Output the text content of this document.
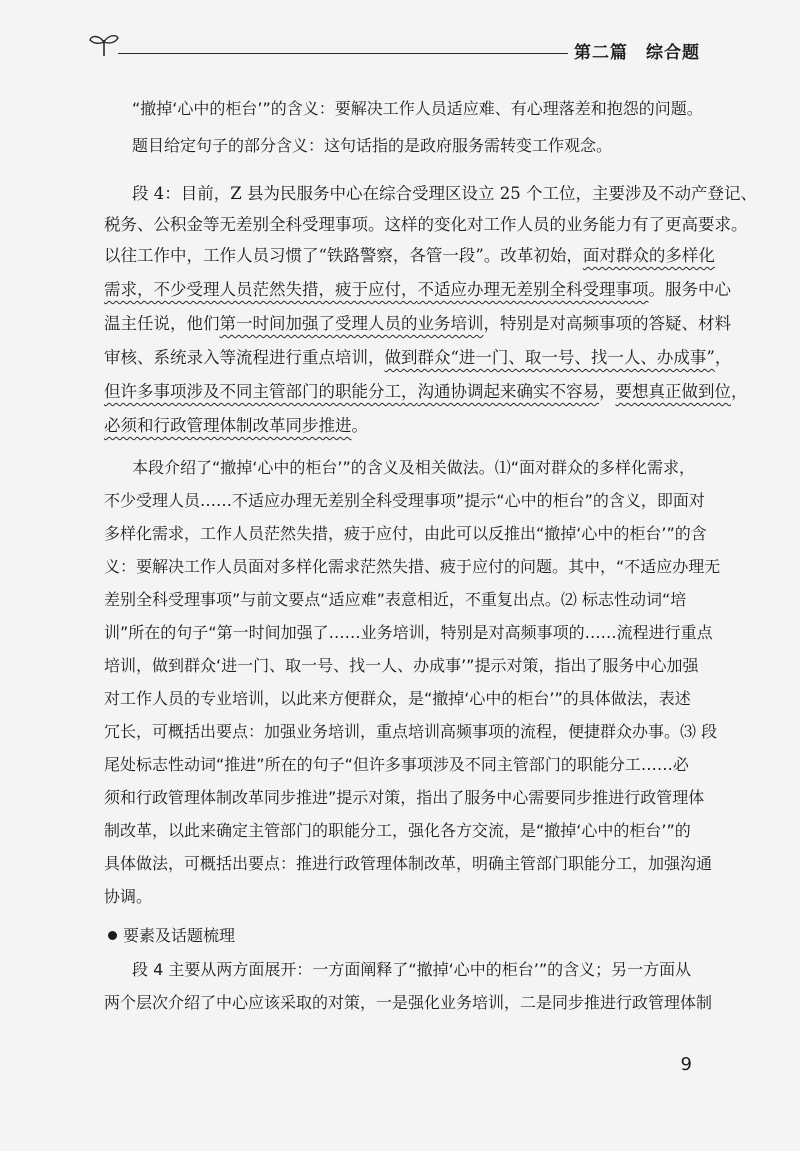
第二篇　综合题
“撤掉‘心中的柜台’”的含义：要解决工作人员适应难、有心理落差和抱怨的问题。
题目给定句子的部分含义：这句话指的是政府服务需转变工作观念。
段 4：目前，Z 县为民服务中心在综合受理区设立 25 个工位，主要涉及不动产登记、
税务、公积金等无差别全科受理事项。这样的变化对工作人员的业务能力有了更高要求。
以往工作中，工作人员习惯了“铁路警察，各管一段”。改革初始，面对群众的多样化
需求，不少受理人员茫然失措，疲于应付，不适应办理无差别全科受理事项。服务中心
温主任说，他们第一时间加强了受理人员的业务培训，特别是对高频事项的答疑、材料
审核、系统录入等流程进行重点培训，做到群众“进一门、取一号、找一人、办成事”，
但许多事项涉及不同主管部门的职能分工，沟通协调起来确实不容易，要想真正做到位，
必须和行政管理体制改革同步推进。
本段介绍了“撤掉‘心中的柜台’”的含义及相关做法。⑴“面对群众的多样化需求，
不少受理人员……不适应办理无差别全科受理事项”提示“心中的柜台”的含义，即面对
多样化需求，工作人员茫然失措，疲于应付，由此可以反推出“撤掉‘心中的柜台’”的含
义：要解决工作人员面对多样化需求茫然失措、疲于应付的问题。其中，“不适应办理无
差别全科受理事项”与前文要点“适应难”表意相近，不重复出点。⑵ 标志性动词“培
训”所在的句子“第一时间加强了……业务培训，特别是对高频事项的……流程进行重点
培训，做到群众‘进一门、取一号、找一人、办成事’”提示对策，指出了服务中心加强
对工作人员的专业培训，以此来方便群众，是“撤掉‘心中的柜台’”的具体做法，表述
冗长，可概括出要点：加强业务培训，重点培训高频事项的流程，便捷群众办事。⑶ 段
尾处标志性动词“推进”所在的句子“但许多事项涉及不同主管部门的职能分工……必
须和行政管理体制改革同步推进”提示对策，指出了服务中心需要同步推进行政管理体
制改革，以此来确定主管部门的职能分工，强化各方交流，是“撤掉‘心中的柜台’”的
具体做法，可概括出要点：推进行政管理体制改革，明确主管部门职能分工，加强沟通
协调。
要素及话题梳理
段 4 主要从两方面展开：一方面阐释了“撤掉‘心中的柜台’”的含义；另一方面从
两个层次介绍了中心应该采取的对策，一是强化业务培训，二是同步推进行政管理体制
9
